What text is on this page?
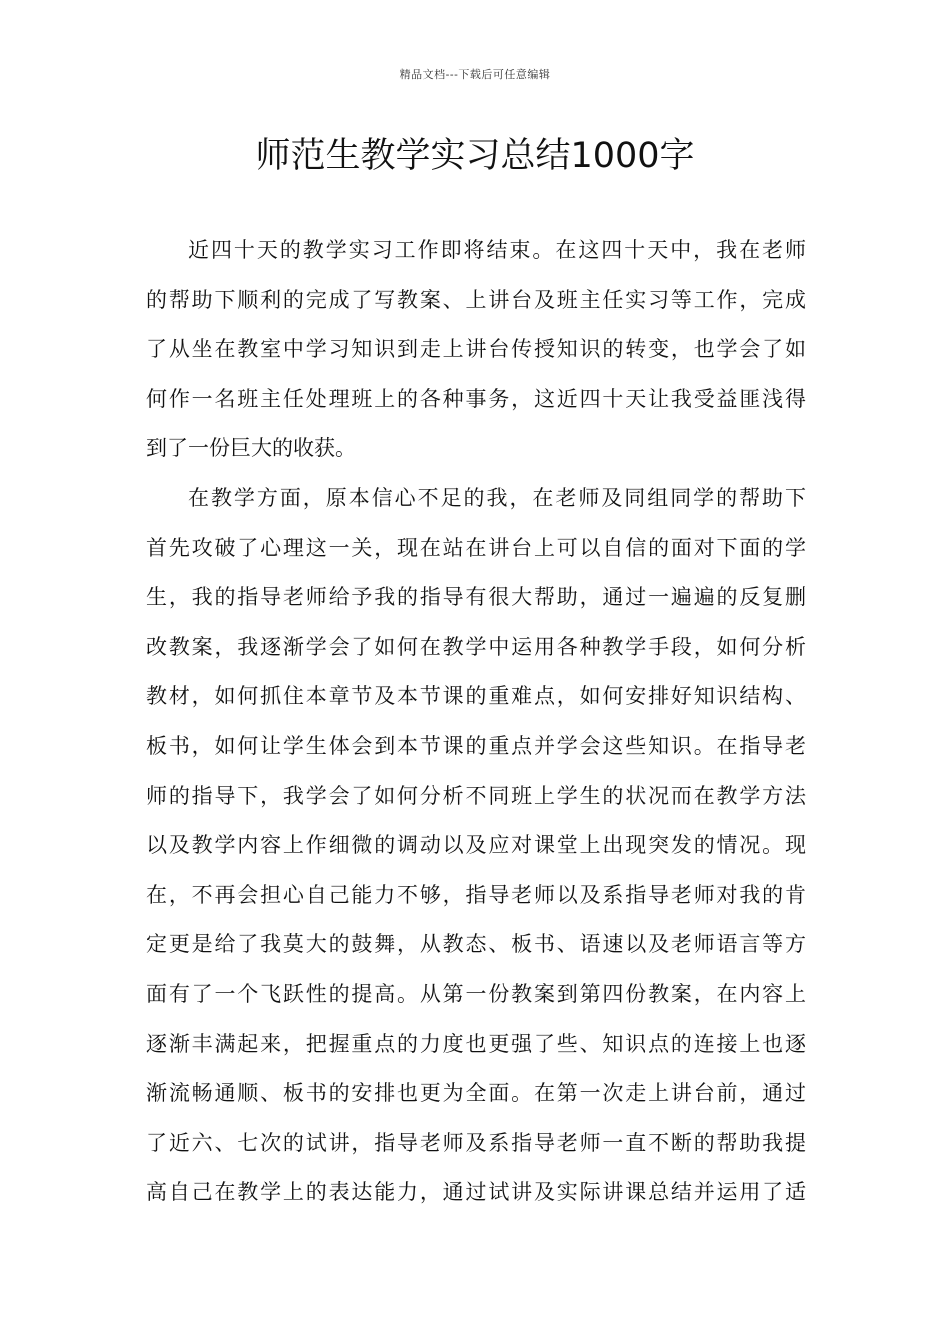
精品文档---下载后可任意编辑
师范生教学实习总结1000字
近四十天的教学实习工作即将结束。在这四十天中，我在老师
的帮助下顺利的完成了写教案、上讲台及班主任实习等工作，完成
了从坐在教室中学习知识到走上讲台传授知识的转变，也学会了如
何作一名班主任处理班上的各种事务，这近四十天让我受益匪浅得
到了一份巨大的收获。
在教学方面，原本信心不足的我，在老师及同组同学的帮助下
首先攻破了心理这一关，现在站在讲台上可以自信的面对下面的学
生，我的指导老师给予我的指导有很大帮助，通过一遍遍的反复删
改教案，我逐渐学会了如何在教学中运用各种教学手段，如何分析
教材，如何抓住本章节及本节课的重难点，如何安排好知识结构、
板书，如何让学生体会到本节课的重点并学会这些知识。在指导老
师的指导下，我学会了如何分析不同班上学生的状况而在教学方法
以及教学内容上作细微的调动以及应对课堂上出现突发的情况。现
在，不再会担心自己能力不够，指导老师以及系指导老师对我的肯
定更是给了我莫大的鼓舞，从教态、板书、语速以及老师语言等方
面有了一个飞跃性的提高。从第一份教案到第四份教案，在内容上
逐渐丰满起来，把握重点的力度也更强了些、知识点的连接上也逐
渐流畅通顺、板书的安排也更为全面。在第一次走上讲台前，通过
了近六、七次的试讲，指导老师及系指导老师一直不断的帮助我提
高自己在教学上的表达能力，通过试讲及实际讲课总结并运用了适
